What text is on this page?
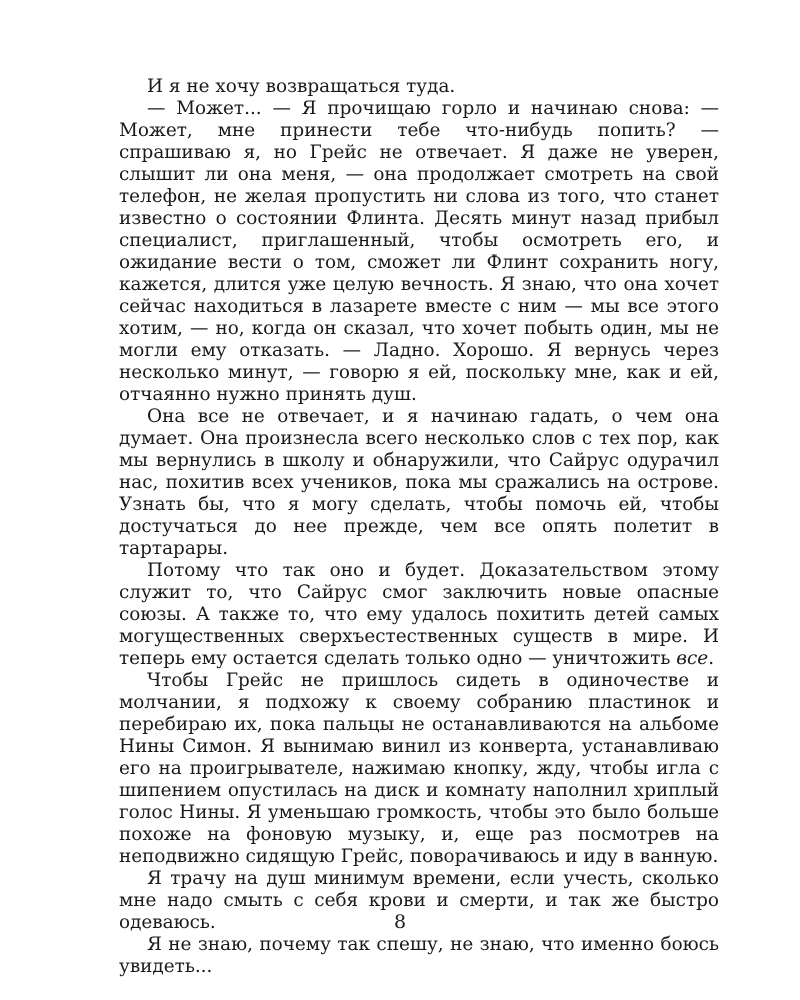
И я не хочу возвращаться туда.

— Может... — Я прочищаю горло и начинаю снова: — Может, мне принести тебе что-нибудь попить? — спрашиваю я, но Грейс не отвечает. Я даже не уверен, слышит ли она меня, — она продолжает смотреть на свой телефон, не желая пропустить ни слова из того, что станет известно о состоянии Флинта. Десять минут назад прибыл специалист, приглашенный, чтобы осмотреть его, и ожидание вести о том, сможет ли Флинт сохранить ногу, кажется, длится уже целую вечность. Я знаю, что она хочет сейчас находиться в лазарете вместе с ним — мы все этого хотим, — но, когда он сказал, что хочет побыть один, мы не могли ему отказать. — Ладно. Хорошо. Я вернусь через несколько минут, — говорю я ей, поскольку мне, как и ей, отчаянно нужно принять душ.

Она все не отвечает, и я начинаю гадать, о чем она думает. Она произнесла всего несколько слов с тех пор, как мы вернулись в школу и обнаружили, что Сайрус одурачил нас, похитив всех учеников, пока мы сражались на острове. Узнать бы, что я могу сделать, чтобы помочь ей, чтобы достучаться до нее прежде, чем все опять полетит в тартарары.

Потому что так оно и будет. Доказательством этому служит то, что Сайрус смог заключить новые опасные союзы. А также то, что ему удалось похитить детей самых могущественных сверхъестественных существ в мире. И теперь ему остается сделать только одно — уничтожить все.

Чтобы Грейс не пришлось сидеть в одиночестве и молчании, я подхожу к своему собранию пластинок и перебираю их, пока пальцы не останавливаются на альбоме Нины Симон. Я вынимаю винил из конверта, устанавливаю его на проигрывателе, нажимаю кнопку, жду, чтобы игла с шипением опустилась на диск и комнату наполнил хриплый голос Нины. Я уменьшаю громкость, чтобы это было больше похоже на фоновую музыку, и, еще раз посмотрев на неподвижно сидящую Грейс, поворачиваюсь и иду в ванную.

Я трачу на душ минимум времени, если учесть, сколько мне надо смыть с себя крови и смерти, и так же быстро одеваюсь.

Я не знаю, почему так спешу, не знаю, что именно боюсь увидеть...

8
